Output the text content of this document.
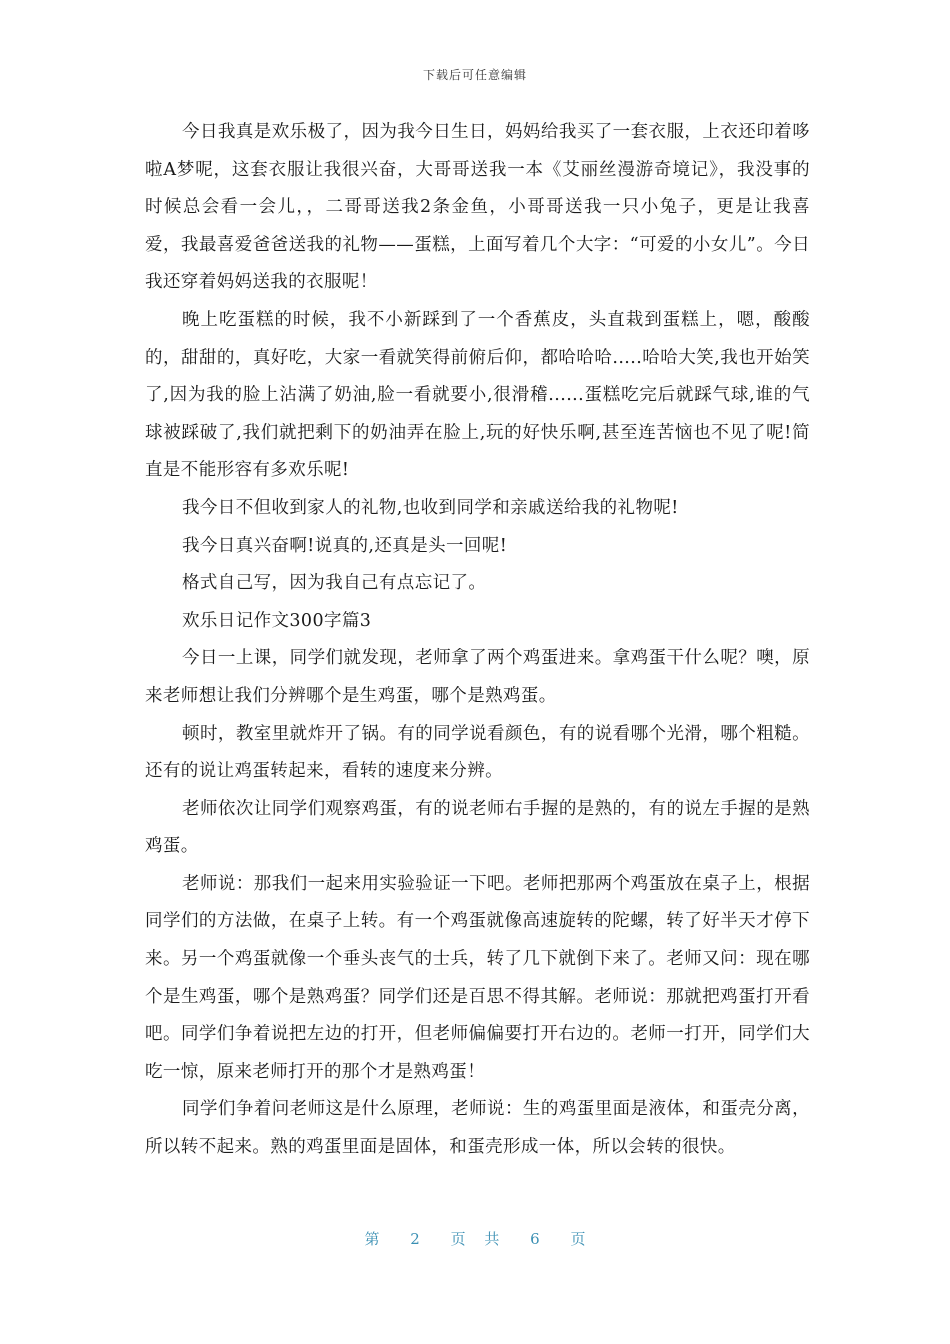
下载后可任意编辑

今日我真是欢乐极了，因为我今日生日，妈妈给我买了一套衣服，上衣还印着哆啦A梦呢，这套衣服让我很兴奋，大哥哥送我一本《艾丽丝漫游奇境记》，我没事的时候总会看一会儿，，二哥哥送我2条金鱼，小哥哥送我一只小兔子，更是让我喜爱，我最喜爱爸爸送我的礼物——蛋糕，上面写着几个大字：“可爱的小女儿”。今日我还穿着妈妈送我的衣服呢！

晚上吃蛋糕的时候，我不小新踩到了一个香蕉皮，头直栽到蛋糕上，嗯，酸酸的，甜甜的，真好吃，大家一看就笑得前俯后仰，都哈哈哈.....哈哈大笑,我也开始笑了,因为我的脸上沾满了奶油,脸一看就要小,很滑稽......蛋糕吃完后就踩气球,谁的气球被踩破了,我们就把剩下的奶油弄在脸上,玩的好快乐啊,甚至连苦恼也不见了呢!简直是不能形容有多欢乐呢!

我今日不但收到家人的礼物,也收到同学和亲戚送给我的礼物呢!

我今日真兴奋啊!说真的,还真是头一回呢!

格式自己写，因为我自己有点忘记了。

欢乐日记作文300字篇3

今日一上课，同学们就发现，老师拿了两个鸡蛋进来。拿鸡蛋干什么呢？噢，原来老师想让我们分辨哪个是生鸡蛋，哪个是熟鸡蛋。

顿时，教室里就炸开了锅。有的同学说看颜色，有的说看哪个光滑，哪个粗糙。还有的说让鸡蛋转起来，看转的速度来分辨。

老师依次让同学们观察鸡蛋，有的说老师右手握的是熟的，有的说左手握的是熟鸡蛋。

老师说：那我们一起来用实验验证一下吧。老师把那两个鸡蛋放在桌子上，根据同学们的方法做，在桌子上转。有一个鸡蛋就像高速旋转的陀螺，转了好半天才停下来。另一个鸡蛋就像一个垂头丧气的士兵，转了几下就倒下来了。老师又问：现在哪个是生鸡蛋，哪个是熟鸡蛋？同学们还是百思不得其解。老师说：那就把鸡蛋打开看吧。同学们争着说把左边的打开，但老师偏偏要打开右边的。老师一打开，同学们大吃一惊，原来老师打开的那个才是熟鸡蛋！

同学们争着问老师这是什么原理，老师说：生的鸡蛋里面是液体，和蛋壳分离，所以转不起来。熟的鸡蛋里面是固体，和蛋壳形成一体，所以会转的很快。

第 2 页 共 6 页
